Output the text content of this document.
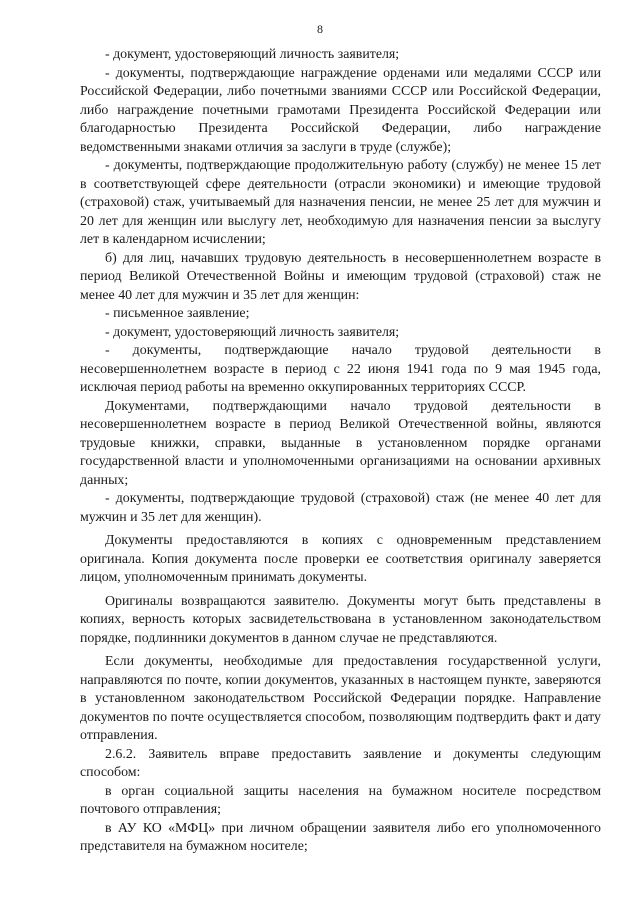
8

- документ, удостоверяющий личность заявителя;

- документы, подтверждающие награждение орденами или медалями СССР или Российской Федерации, либо почетными званиями СССР или Российской Федерации, либо награждение почетными грамотами Президента Российской Федерации или благодарностью Президента Российской Федерации, либо награждение ведомственными знаками отличия за заслуги в труде (службе);

- документы, подтверждающие продолжительную работу (службу) не менее 15 лет в соответствующей сфере деятельности (отрасли экономики) и имеющие трудовой (страховой) стаж, учитываемый для назначения пенсии, не менее 25 лет для мужчин и 20 лет для женщин или выслугу лет, необходимую для назначения пенсии за выслугу лет в календарном исчислении;

б) для лиц, начавших трудовую деятельность в несовершеннолетнем возрасте в период Великой Отечественной Войны и имеющим трудовой (страховой) стаж не менее 40 лет для мужчин и 35 лет для женщин:

- письменное заявление;

- документ, удостоверяющий личность заявителя;

- документы, подтверждающие начало трудовой деятельности в несовершеннолетнем возрасте в период с 22 июня 1941 года по 9 мая 1945 года, исключая период работы на временно оккупированных территориях СССР.

Документами, подтверждающими начало трудовой деятельности в несовершеннолетнем возрасте в период Великой Отечественной войны, являются трудовые книжки, справки, выданные в установленном порядке органами государственной власти и уполномоченными организациями на основании архивных данных;

- документы, подтверждающие трудовой (страховой) стаж (не менее 40 лет для мужчин и 35 лет для женщин).

Документы предоставляются в копиях с одновременным представлением оригинала. Копия документа после проверки ее соответствия оригиналу заверяется лицом, уполномоченным принимать документы.

Оригиналы возвращаются заявителю. Документы могут быть представлены в копиях, верность которых засвидетельствована в установленном законодательством порядке, подлинники документов в данном случае не представляются.

Если документы, необходимые для предоставления государственной услуги, направляются по почте, копии документов, указанных в настоящем пункте, заверяются в установленном законодательством Российской Федерации порядке. Направление документов по почте осуществляется способом, позволяющим подтвердить факт и дату отправления.

2.6.2. Заявитель вправе предоставить заявление и документы следующим способом:

в орган социальной защиты населения на бумажном носителе посредством почтового отправления;

в АУ КО «МФЦ» при личном обращении заявителя либо его уполномоченного представителя на бумажном носителе;
